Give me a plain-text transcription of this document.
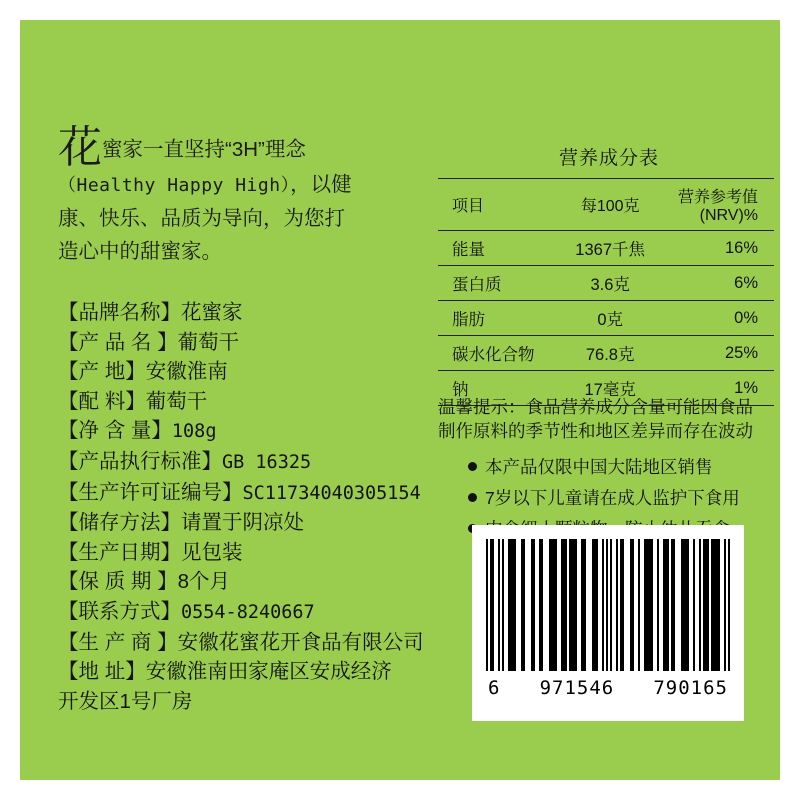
花蜜家一直坚持“3H”理念
（Healthy Happy High），以健
康、快乐、品质为导向，为您打
造心中的甜蜜家。
【品牌名称】花蜜家
【产 品 名 】葡萄干
【产 地】安徽淮南
【配 料】葡萄干
【净 含 量】108g
【产品执行标准】GB 16325
【生产许可证编号】SC11734040305154
【储存方法】请置于阴凉处
【生产日期】见包装
【保 质 期 】8个月
【联系方式】0554-8240667
【生 产 商 】安徽花蜜花开食品有限公司
【地 址】安徽淮南田家庵区安成经济
开发区1号厂房
营养成分表
项目	每100克	营养参考值(NRV)%
能量	1367千焦	16%
蛋白质	3.6克	6%
脂肪	0克	0%
碳水化合物	76.8克	25%
钠	17毫克	1%
温馨提示：食品营养成分含量可能因食品
制作原料的季节性和地区差异而存在波动
本产品仅限中国大陆地区销售
7岁以下儿童请在成人监护下食用
6 971546 790165
